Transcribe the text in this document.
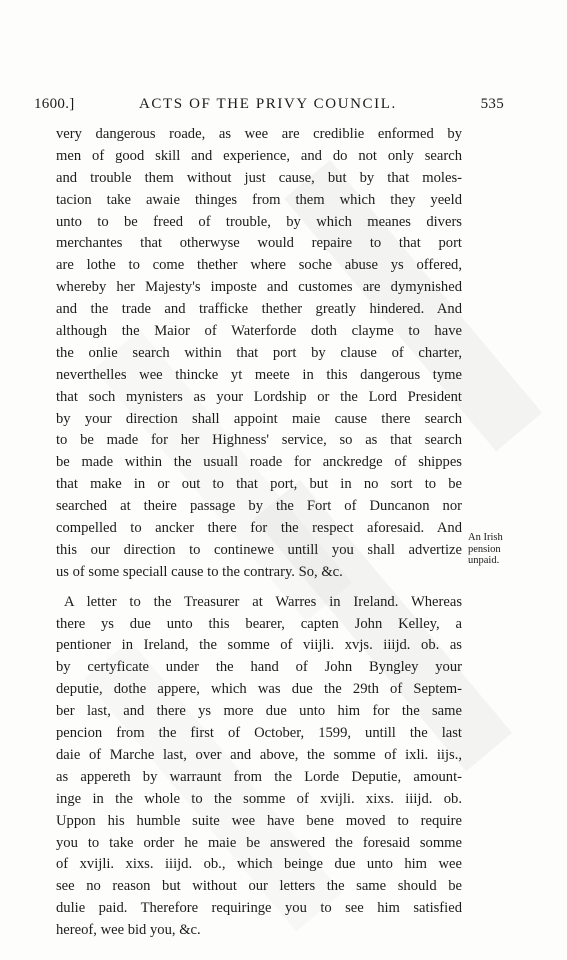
1600.]	ACTS OF THE PRIVY COUNCIL.	535
very dangerous roade, as wee are crediblie enformed by
men of good skill and experience, and do not only search
and trouble them without just cause, but by that moles-
tacion take awaie thinges from them which they yeeld
unto to be freed of trouble, by which meanes divers
merchantes that otherwyse would repaire to that port
are lothe to come thether where soche abuse ys offered,
whereby her Majesty's imposte and customes are dymynished
and the trade and trafficke thether greatly hindered. And
although the Maior of Waterforde doth clayme to have
the onlie search within that port by clause of charter,
neverthelles wee thincke yt meete in this dangerous tyme
that soch mynisters as your Lordship or the Lord President
by your direction shall appoint maie cause there search
to be made for her Highness' service, so as that search
be made within the usuall roade for anckredge of shippes
that make in or out to that port, but in no sort to be
searched at theire passage by the Fort of Duncanon nor
compelled to ancker there for the respect aforesaid. And
this our direction to continewe untill you shall advertize
us of some speciall cause to the contrary. So, &c.
A letter to the Treasurer at Warres in Ireland. Whereas
there ys due unto this bearer, capten John Kelley, a
pentioner in Ireland, the somme of viijli. xvjs. iiijd. ob. as
by certyficate under the hand of John Byngley your
deputie, dothe appere, which was due the 29th of Septem-
ber last, and there ys more due unto him for the same
pencion from the first of October, 1599, untill the last
daie of Marche last, over and above, the somme of ixli. iijs.,
as appereth by warraunt from the Lorde Deputie, amount-
inge in the whole to the somme of xvijli. xixs. iiijd. ob.
Uppon his humble suite wee have bene moved to require
you to take order he maie be answered the foresaid somme
of xvijli. xixs. iiijd. ob., which beinge due unto him wee
see no reason but without our letters the same should be
dulie paid. Therefore requiringe you to see him satisfied
hereof, wee bid you, &c.
An Irish
pension
unpaid.
